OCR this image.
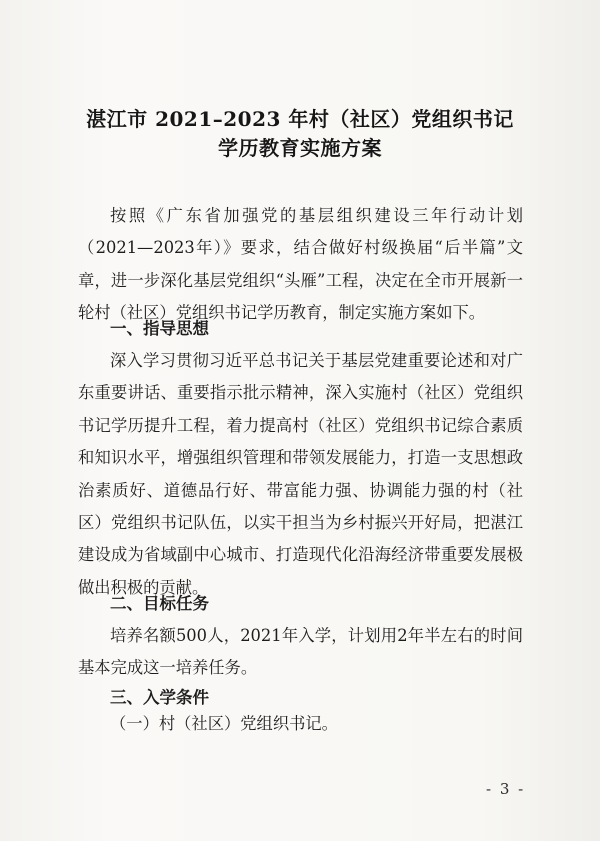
湛江市 2021–2023 年村（社区）党组织书记
学历教育实施方案

按照《广东省加强党的基层组织建设三年行动计划（2021—2023年）》要求，结合做好村级换届“后半篇”文章，进一步深化基层党组织“头雁”工程，决定在全市开展新一轮村（社区）党组织书记学历教育，制定实施方案如下。

一、指导思想

深入学习贯彻习近平总书记关于基层党建重要论述和对广东重要讲话、重要指示批示精神，深入实施村（社区）党组织书记学历提升工程，着力提高村（社区）党组织书记综合素质和知识水平，增强组织管理和带领发展能力，打造一支思想政治素质好、道德品行好、带富能力强、协调能力强的村（社区）党组织书记队伍，以实干担当为乡村振兴开好局，把湛江建设成为省域副中心城市、打造现代化沿海经济带重要发展极做出积极的贡献。

二、目标任务

培养名额500人，2021年入学，计划用2年半左右的时间基本完成这一培养任务。

三、入学条件

（一）村（社区）党组织书记。

- 3 -
